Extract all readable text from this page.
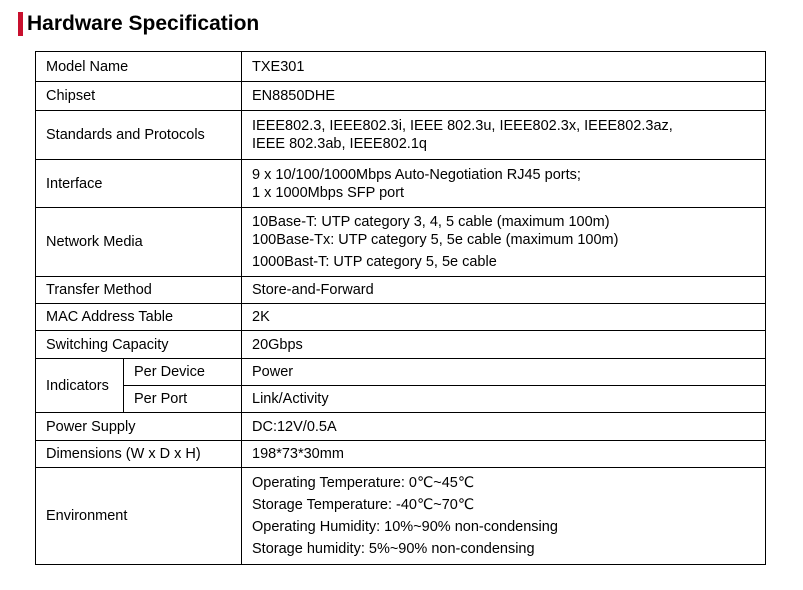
Hardware Specification
Model Name		TXE301
Chipset		EN8850DHE
Standards and Protocols		IEEE802.3, IEEE802.3i, IEEE 802.3u, IEEE802.3x, IEEE802.3az,
IEEE 802.3ab, IEEE802.1q

Interface		9 x 10/100/1000Mbps Auto-Negotiation RJ45 ports;
1 x 1000Mbps SFP port

Network Media		10Base-T: UTP category 3, 4, 5 cable (maximum 100m)
100Base-Tx: UTP category 5, 5e cable (maximum 100m)
1000Bast-T: UTP category 5, 5e cable

Transfer Method		Store-and-Forward
MAC Address Table		2K
Switching Capacity		20Gbps
Indicators	Per Device	Power
	Per Port	Link/Activity
Power Supply		DC:12V/0.5A
Dimensions (W x D x H)		198*73*30mm
Environment		Operating Temperature: 0℃~45℃
Storage Temperature: -40℃~70℃
Operating Humidity: 10%~90% non-condensing
Storage humidity: 5%~90% non-condensing
